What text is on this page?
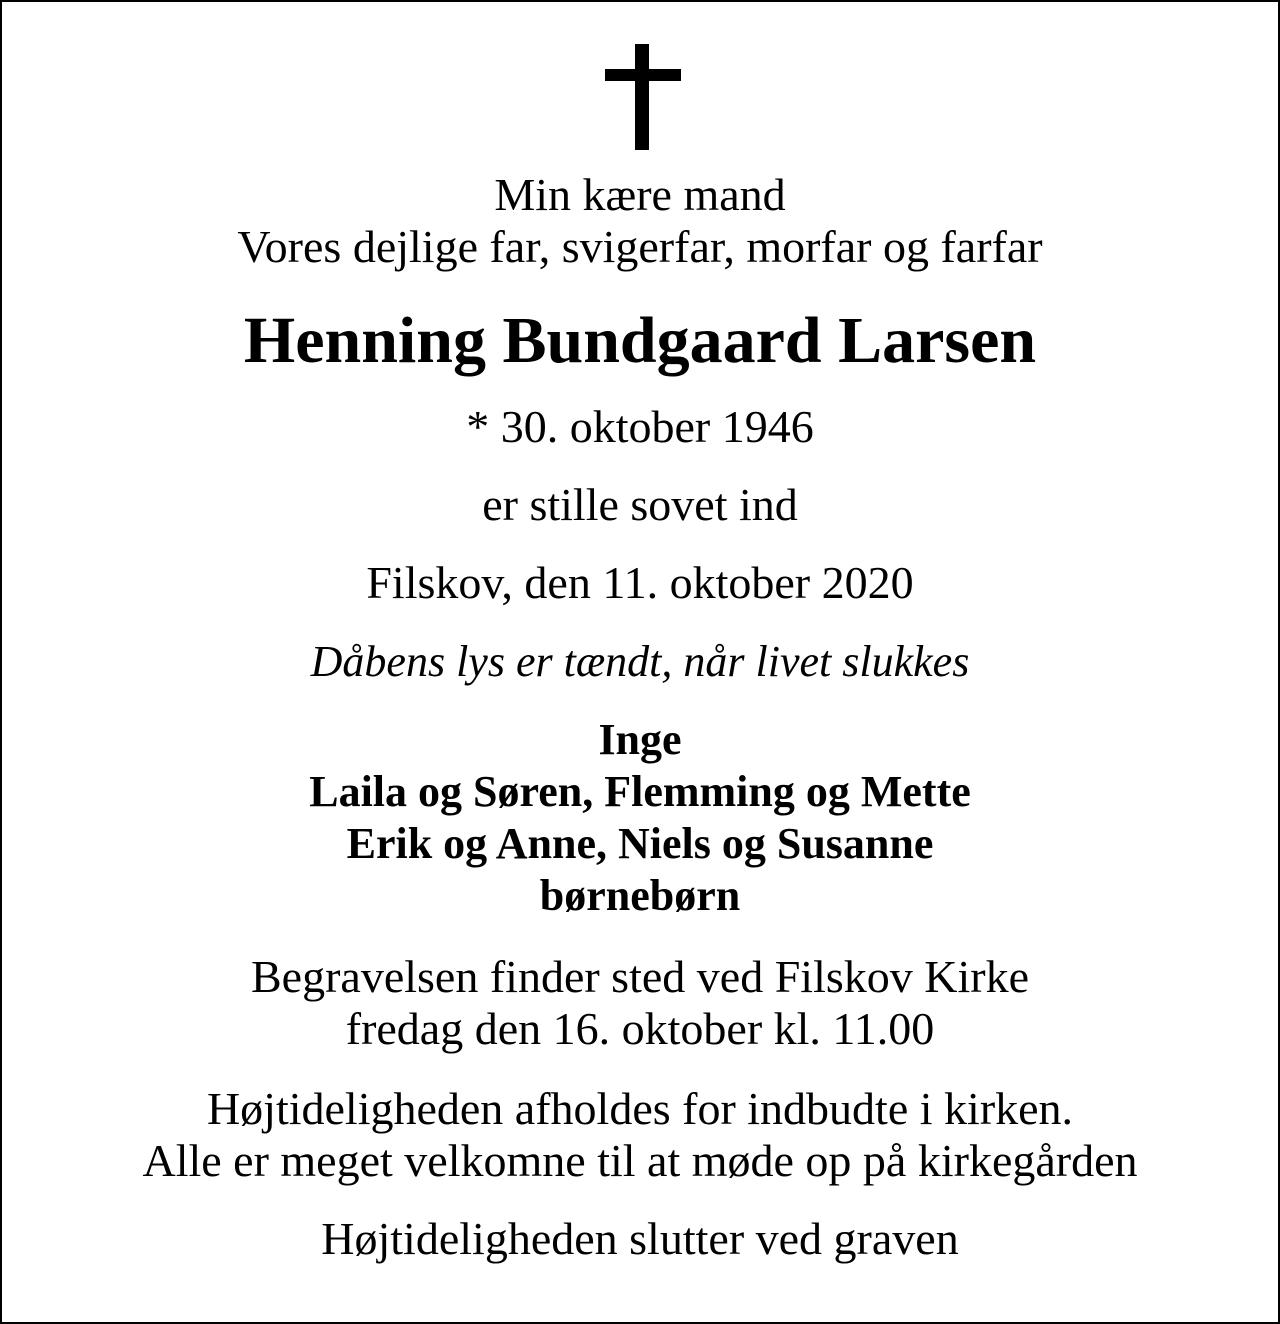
Min kære mand
Vores dejlige far, svigerfar, morfar og farfar
Henning Bundgaard Larsen
* 30. oktober 1946
er stille sovet ind
Filskov, den 11. oktober 2020
Dåbens lys er tændt, når livet slukkes
Inge
Laila og Søren, Flemming og Mette
Erik og Anne, Niels og Susanne
børnebørn
Begravelsen finder sted ved Filskov Kirke
fredag den 16. oktober kl. 11.00
Højtideligheden afholdes for indbudte i kirken.
Alle er meget velkomne til at møde op på kirkegården
Højtideligheden slutter ved graven
